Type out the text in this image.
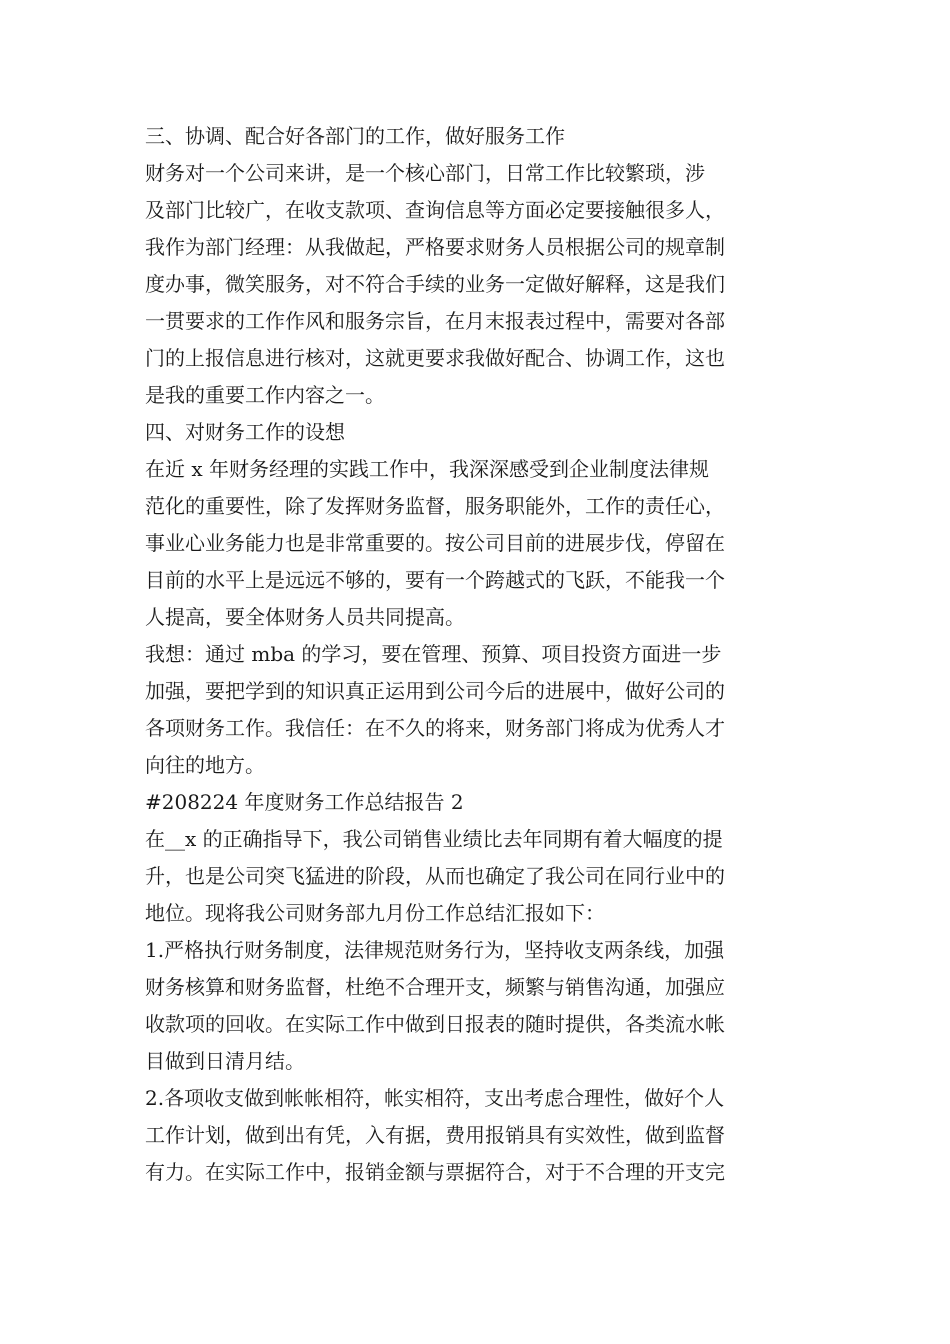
三、协调、配合好各部门的工作，做好服务工作
财务对一个公司来讲，是一个核心部门，日常工作比较繁琐，涉
及部门比较广，在收支款项、查询信息等方面必定要接触很多人，
我作为部门经理：从我做起，严格要求财务人员根据公司的规章制
度办事，微笑服务，对不符合手续的业务一定做好解释，这是我们
一贯要求的工作作风和服务宗旨，在月末报表过程中，需要对各部
门的上报信息进行核对，这就更要求我做好配合、协调工作，这也
是我的重要工作内容之一。
四、对财务工作的设想
在近 x 年财务经理的实践工作中，我深深感受到企业制度法律规
范化的重要性，除了发挥财务监督，服务职能外，工作的责任心，
事业心业务能力也是非常重要的。按公司目前的进展步伐，停留在
目前的水平上是远远不够的，要有一个跨越式的飞跃，不能我一个
人提高，要全体财务人员共同提高。
我想：通过 mba 的学习，要在管理、预算、项目投资方面进一步
加强，要把学到的知识真正运用到公司今后的进展中，做好公司的
各项财务工作。我信任：在不久的将来，财务部门将成为优秀人才
向往的地方。
#208224 年度财务工作总结报告 2
在__x 的正确指导下，我公司销售业绩比去年同期有着大幅度的提
升，也是公司突飞猛进的阶段，从而也确定了我公司在同行业中的
地位。现将我公司财务部九月份工作总结汇报如下：
1.严格执行财务制度，法律规范财务行为，坚持收支两条线，加强
财务核算和财务监督，杜绝不合理开支，频繁与销售沟通，加强应
收款项的回收。在实际工作中做到日报表的随时提供，各类流水帐
目做到日清月结。
2.各项收支做到帐帐相符，帐实相符，支出考虑合理性，做好个人
工作计划，做到出有凭，入有据，费用报销具有实效性，做到监督
有力。在实际工作中，报销金额与票据符合，对于不合理的开支完
